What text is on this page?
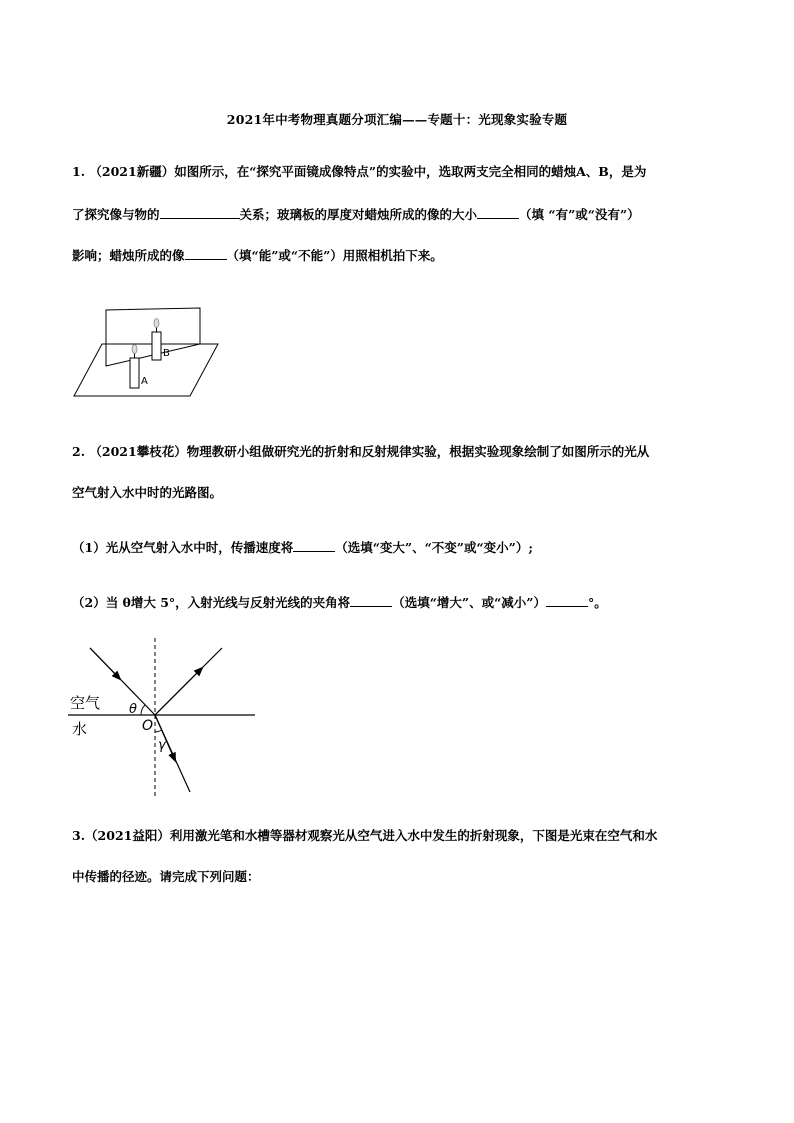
2021年中考物理真题分项汇编——专题十：光现象实验专题
1. （2021新疆）如图所示，在“探究平面镜成像特点”的实验中，选取两支完全相同的蜡烛A、B，是为
了探究像与物的	关系；玻璃板的厚度对蜡烛所成的像的大小	（填 “有”或“没有”）
影响；蜡烛所成的像	（填“能”或“不能”）用照相机拍下来。
B
A
2. （2021攀枝花）物理教研小组做研究光的折射和反射规律实验，根据实验现象绘制了如图所示的光从
空气射入水中时的光路图。
（1）光从空气射入水中时，传播速度将	（选填“变大”、“不变”或“变小”）;
（2）当 θ增大 5°，入射光线与反射光线的夹角将	（选填“增大”、或“减小”）	°。
空气
水
θ
O
γ
3.（2021益阳）利用激光笔和水槽等器材观察光从空气进入水中发生的折射现象，下图是光束在空气和水
中传播的径迹。请完成下列问题：
